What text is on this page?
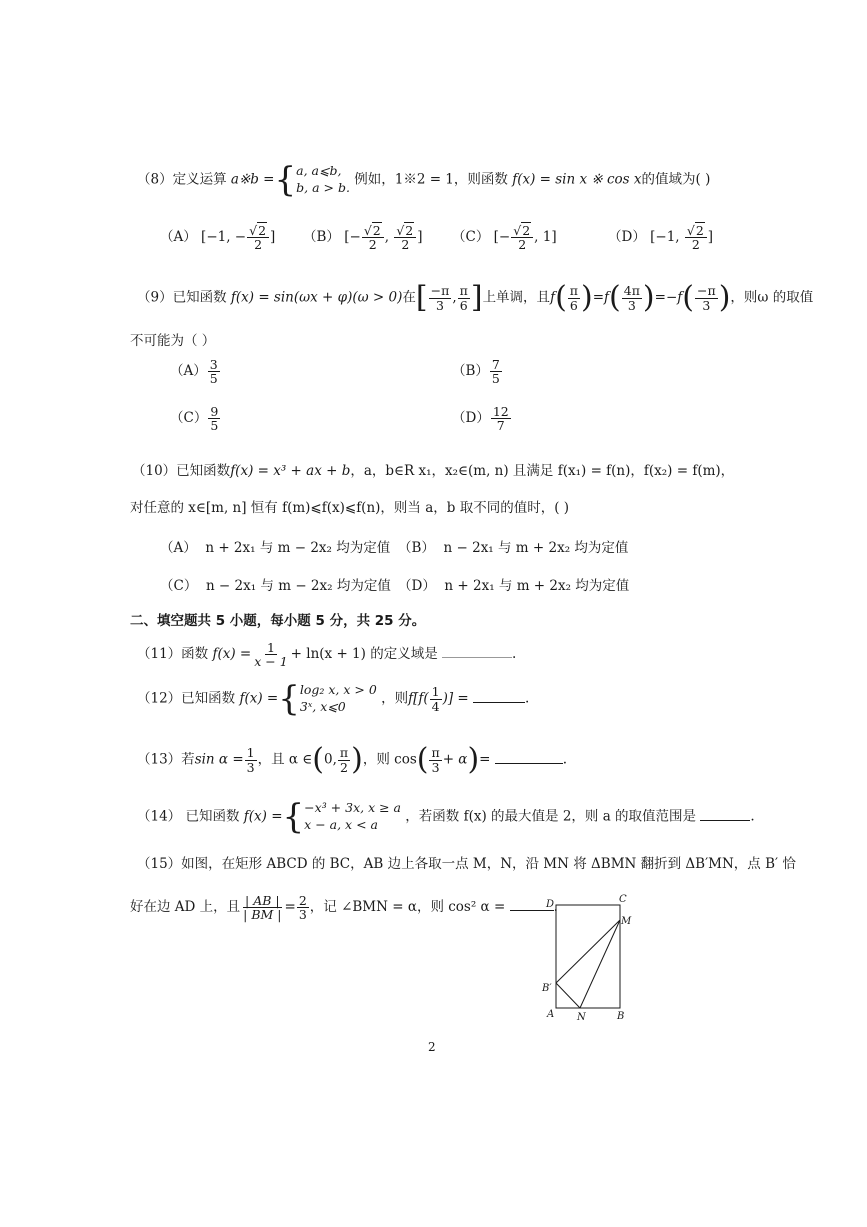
（8）定义运算 a※b ={ a, a⩽b,
b, a > b. 例如，1※2 = 1，则函数 f(x) = sin x ※ cos x的值域为( )
（A） [−1, − $\frac{√2}{2}$ ] （B） [− $\frac{√2}{2}$ , $\frac{√2}{2}$ ] （C） [− $\frac{√2}{2}$ , 1]	（D） [−1, $\frac{√2}{2}$ ]
（9）已知函数 f(x) = sin(ωx + φ)(ω > 0)在[ $\frac{-\pi}{3}$ , $\frac{\pi}{6}$ ]上单调，且$f( \frac{\pi}{6} )=f( \frac{4\pi}{3} )=-f( \frac{-\pi}{3}$ )，则ω 的取值
不可能为（ ）
$(A) \frac{3}{5}$	$(B) \frac{7}{5}$
$(C) \frac{9}{5}$	$(D) \frac{12}{7}$
（10）已知函数f(x) = x³ + ax + b，a，b∈R x₁，x₂∈(m, n) 且满足 f(x₁) = f(n)，f(x₂) = f(m)，
对任意的 x∈[m, n] 恒有 f(m)⩽f(x)⩽f(n)，则当 a，b 取不同的值时，( )
（A） n + 2x₁ 与 m − 2x₂ 均为定值 （B） n − 2x₁ 与 m + 2x₂ 均为定值
（C） n − 2x₁ 与 m − 2x₂ 均为定值 （D） n + 2x₁ 与 m + 2x₂ 均为定值
二、填空题共 5 小题，每小题 5 分，共 25 分。
（11）函数 $f(x) = \frac{1}{x - 1} + \ln(x + 1)$ 的定义域是	.
（12）已知函数 f(x) ={ log₂ x, x > 0
3ˣ, x⩽0	，则$f[f( \frac{1}{4}$ )] =	.
（13）若$\sin \alpha = \frac{1}{3}$ ，且 α ∈(0, $\frac{\pi}{2}$ )，则 $\cos( \frac{\pi}{3} + \alpha)=$	.
（14） 已知函数 f(x) ={ −x³ + 3x, x ≥ a
x − a, x < a	，若函数 f(x) 的最大值是 2，则 a 的取值范围是	.
（15）如图，在矩形 ABCD 的 BC，AB 边上各取一点 M，N，沿 MN 将 ΔBMN 翻折到 ΔB′MN，点 B′ 恰
好在边 AD 上，且 $\frac{| AB |}{| BM |} = \frac{2}{3}$ ，记 ∠BMN = α，则 cos² α =	.
D	C
M
B′
A N	B
2
